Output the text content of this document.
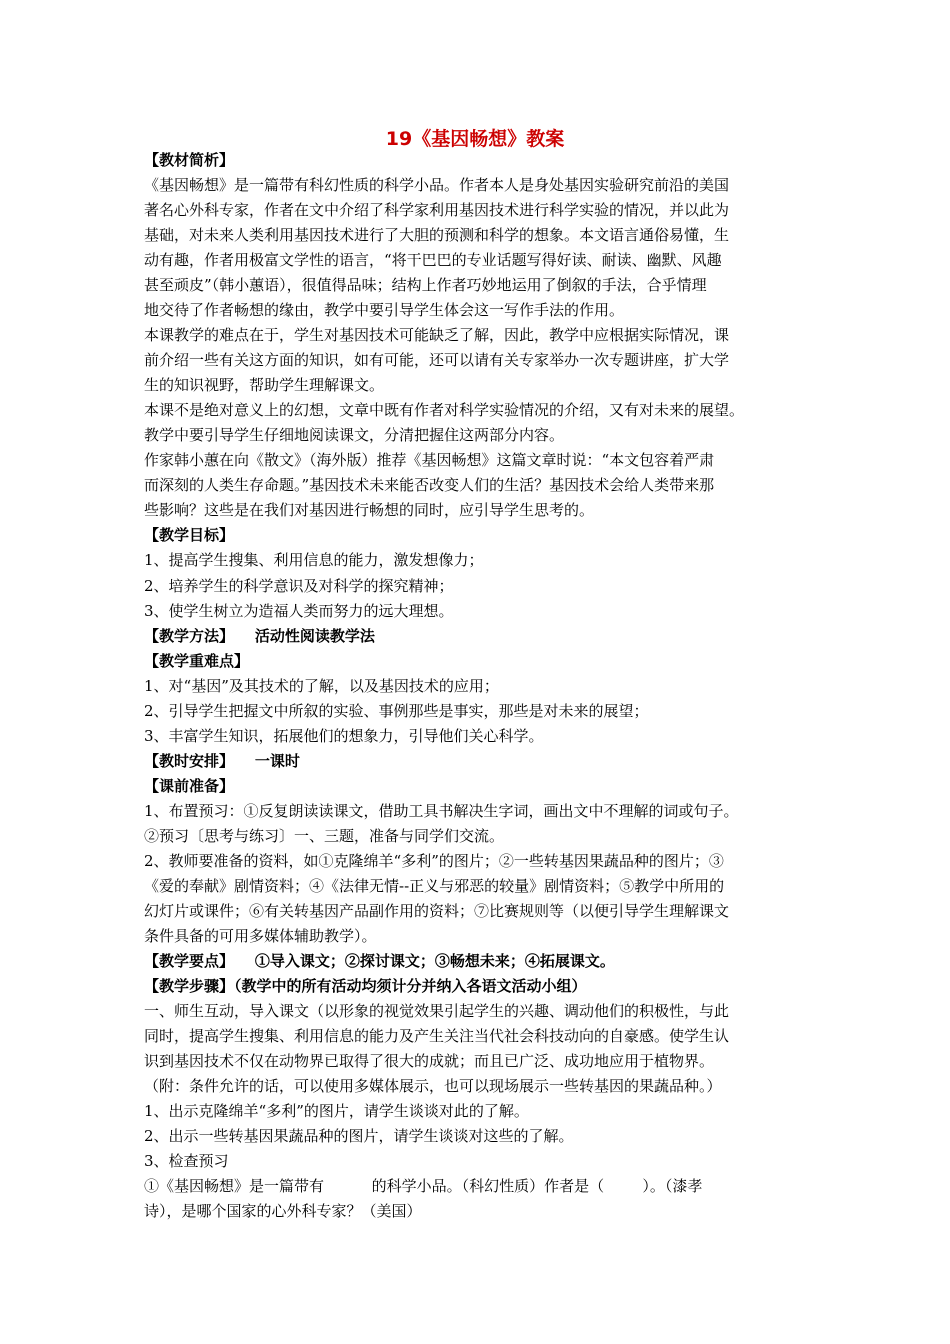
19《基因畅想》教案
【教材简析】
《基因畅想》是一篇带有科幻性质的科学小品。作者本人是身处基因实验研究前沿的美国
著名心外科专家，作者在文中介绍了科学家利用基因技术进行科学实验的情况，并以此为
基础，对未来人类利用基因技术进行了大胆的预测和科学的想象。本文语言通俗易懂，生
动有趣，作者用极富文学性的语言，“将干巴巴的专业话题写得好读、耐读、幽默、风趣
甚至顽皮”（韩小蕙语），很值得品味；结构上作者巧妙地运用了倒叙的手法，合乎情理
地交待了作者畅想的缘由，教学中要引导学生体会这一写作手法的作用。
本课教学的难点在于，学生对基因技术可能缺乏了解，因此，教学中应根据实际情况，课
前介绍一些有关这方面的知识，如有可能，还可以请有关专家举办一次专题讲座，扩大学
生的知识视野，帮助学生理解课文。
本课不是绝对意义上的幻想，文章中既有作者对科学实验情况的介绍，又有对未来的展望。
教学中要引导学生仔细地阅读课文，分清把握住这两部分内容。
作家韩小蕙在向《散文》（海外版）推荐《基因畅想》这篇文章时说：“本文包容着严肃
而深刻的人类生存命题。”基因技术未来能否改变人们的生活？基因技术会给人类带来那
些影响？这些是在我们对基因进行畅想的同时，应引导学生思考的。
【教学目标】
1、提高学生搜集、利用信息的能力，激发想像力；
2、培养学生的科学意识及对科学的探究精神；
3、使学生树立为造福人类而努力的远大理想。
【教学方法】    活动性阅读教学法
【教学重难点】
1、对“基因”及其技术的了解，以及基因技术的应用；
2、引导学生把握文中所叙的实验、事例那些是事实，那些是对未来的展望；
3、丰富学生知识，拓展他们的想象力，引导他们关心科学。
【教时安排】    一课时
【课前准备】
1、布置预习：①反复朗读读课文，借助工具书解决生字词，画出文中不理解的词或句子。
②预习〔思考与练习〕一、三题，准备与同学们交流。
2、教师要准备的资料，如①克隆绵羊“多利”的图片；②一些转基因果蔬品种的图片；③
《爱的奉献》剧情资料；④《法律无情--正义与邪恶的较量》剧情资料；⑤教学中所用的
幻灯片或课件；⑥有关转基因产品副作用的资料；⑦比赛规则等（以便引导学生理解课文
条件具备的可用多媒体辅助教学）。
【教学要点】    ①导入课文；②探讨课文；③畅想未来；④拓展课文。
【教学步骤】（教学中的所有活动均须计分并纳入各语文活动小组）
一、师生互动，导入课文（以形象的视觉效果引起学生的兴趣、调动他们的积极性，与此
同时，提高学生搜集、利用信息的能力及产生关注当代社会科技动向的自豪感。使学生认
识到基因技术不仅在动物界已取得了很大的成就；而且已广泛、成功地应用于植物界。
（附：条件允许的话，可以使用多媒体展示，也可以现场展示一些转基因的果蔬品种。）
1、出示克隆绵羊“多利”的图片，请学生谈谈对此的了解。
2、出示一些转基因果蔬品种的图片，请学生谈谈对这些的了解。
3、检查预习
①《基因畅想》是一篇带有          的科学小品。（科幻性质）作者是（        ）。（漆孝
诗），是哪个国家的心外科专家？（美国）
